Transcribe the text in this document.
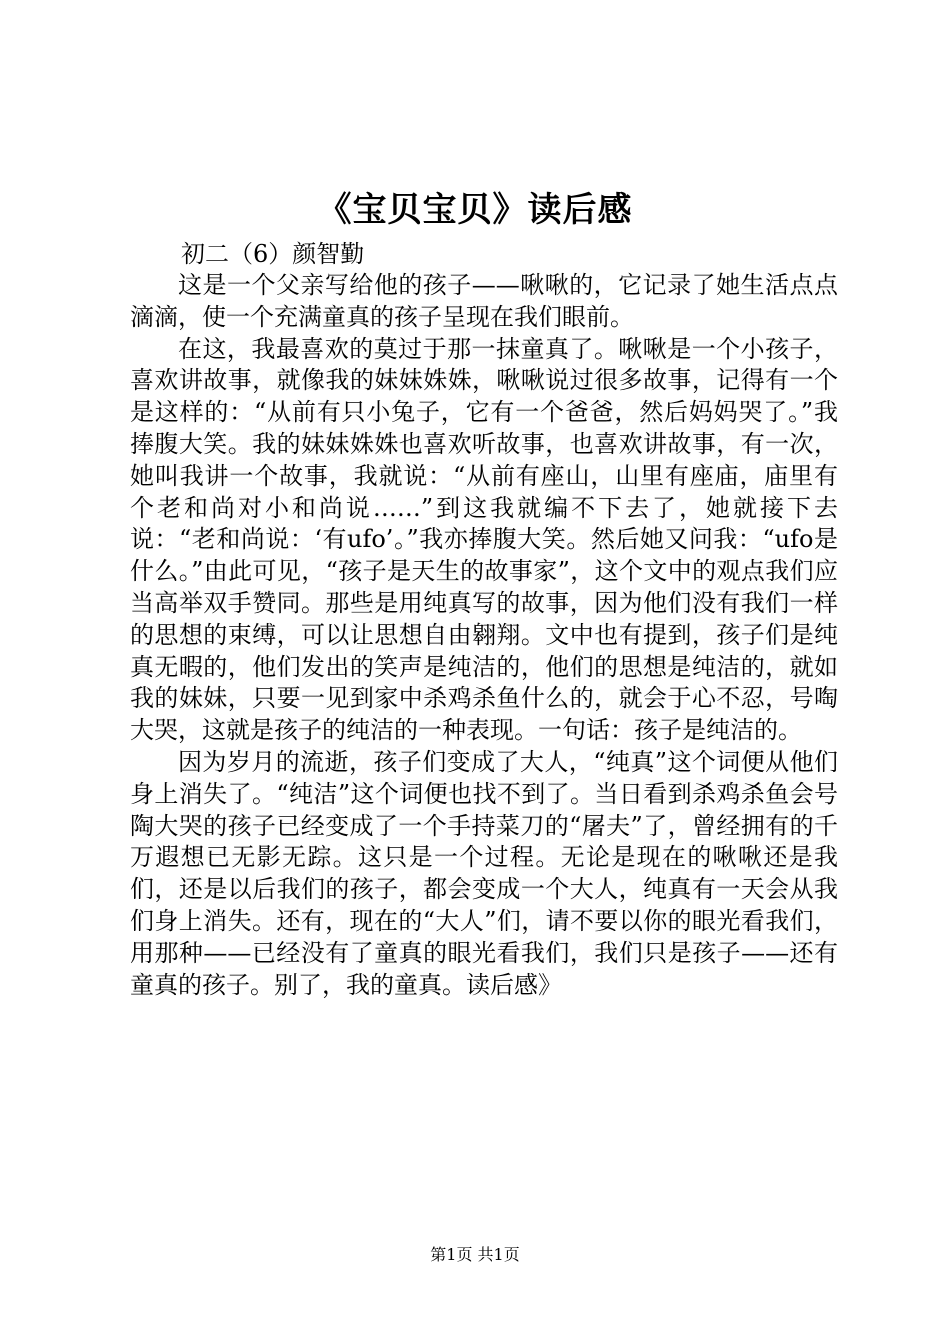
《宝贝宝贝》读后感
初二（6）颜智勤

这是一个父亲写给他的孩子——啾啾的，它记录了她生活点点滴滴，使一个充满童真的孩子呈现在我们眼前。

在这，我最喜欢的莫过于那一抹童真了。啾啾是一个小孩子，喜欢讲故事，就像我的妹妹姝姝，啾啾说过很多故事，记得有一个是这样的：“从前有只小兔子，它有一个爸爸，然后妈妈哭了。”我捧腹大笑。我的妹妹姝姝也喜欢听故事，也喜欢讲故事，有一次，她叫我讲一个故事，我就说：“从前有座山，山里有座庙，庙里有个老和尚对小和尚说……”到这我就编不下去了，她就接下去说：“老和尚说：‘有ufo’。”我亦捧腹大笑。然后她又问我：“ufo是什么。”由此可见，“孩子是天生的故事家”，这个文中的观点我们应当高举双手赞同。那些是用纯真写的故事，因为他们没有我们一样的思想的束缚，可以让思想自由翱翔。文中也有提到，孩子们是纯真无暇的，他们发出的笑声是纯洁的，他们的思想是纯洁的，就如我的妹妹，只要一见到家中杀鸡杀鱼什么的，就会于心不忍，号啕大哭，这就是孩子的纯洁的一种表现。一句话：孩子是纯洁的。

因为岁月的流逝，孩子们变成了大人，“纯真”这个词便从他们身上消失了。“纯洁”这个词便也找不到了。当日看到杀鸡杀鱼会号陶大哭的孩子已经变成了一个手持菜刀的“屠夫”了，曾经拥有的千万遐想已无影无踪。这只是一个过程。无论是现在的啾啾还是我们，还是以后我们的孩子，都会变成一个大人，纯真有一天会从我们身上消失。还有，现在的“大人”们，请不要以你的眼光看我们，用那种——已经没有了童真的眼光看我们，我们只是孩子——还有童真的孩子。别了，我的童真。读后感》

第1页 共1页
